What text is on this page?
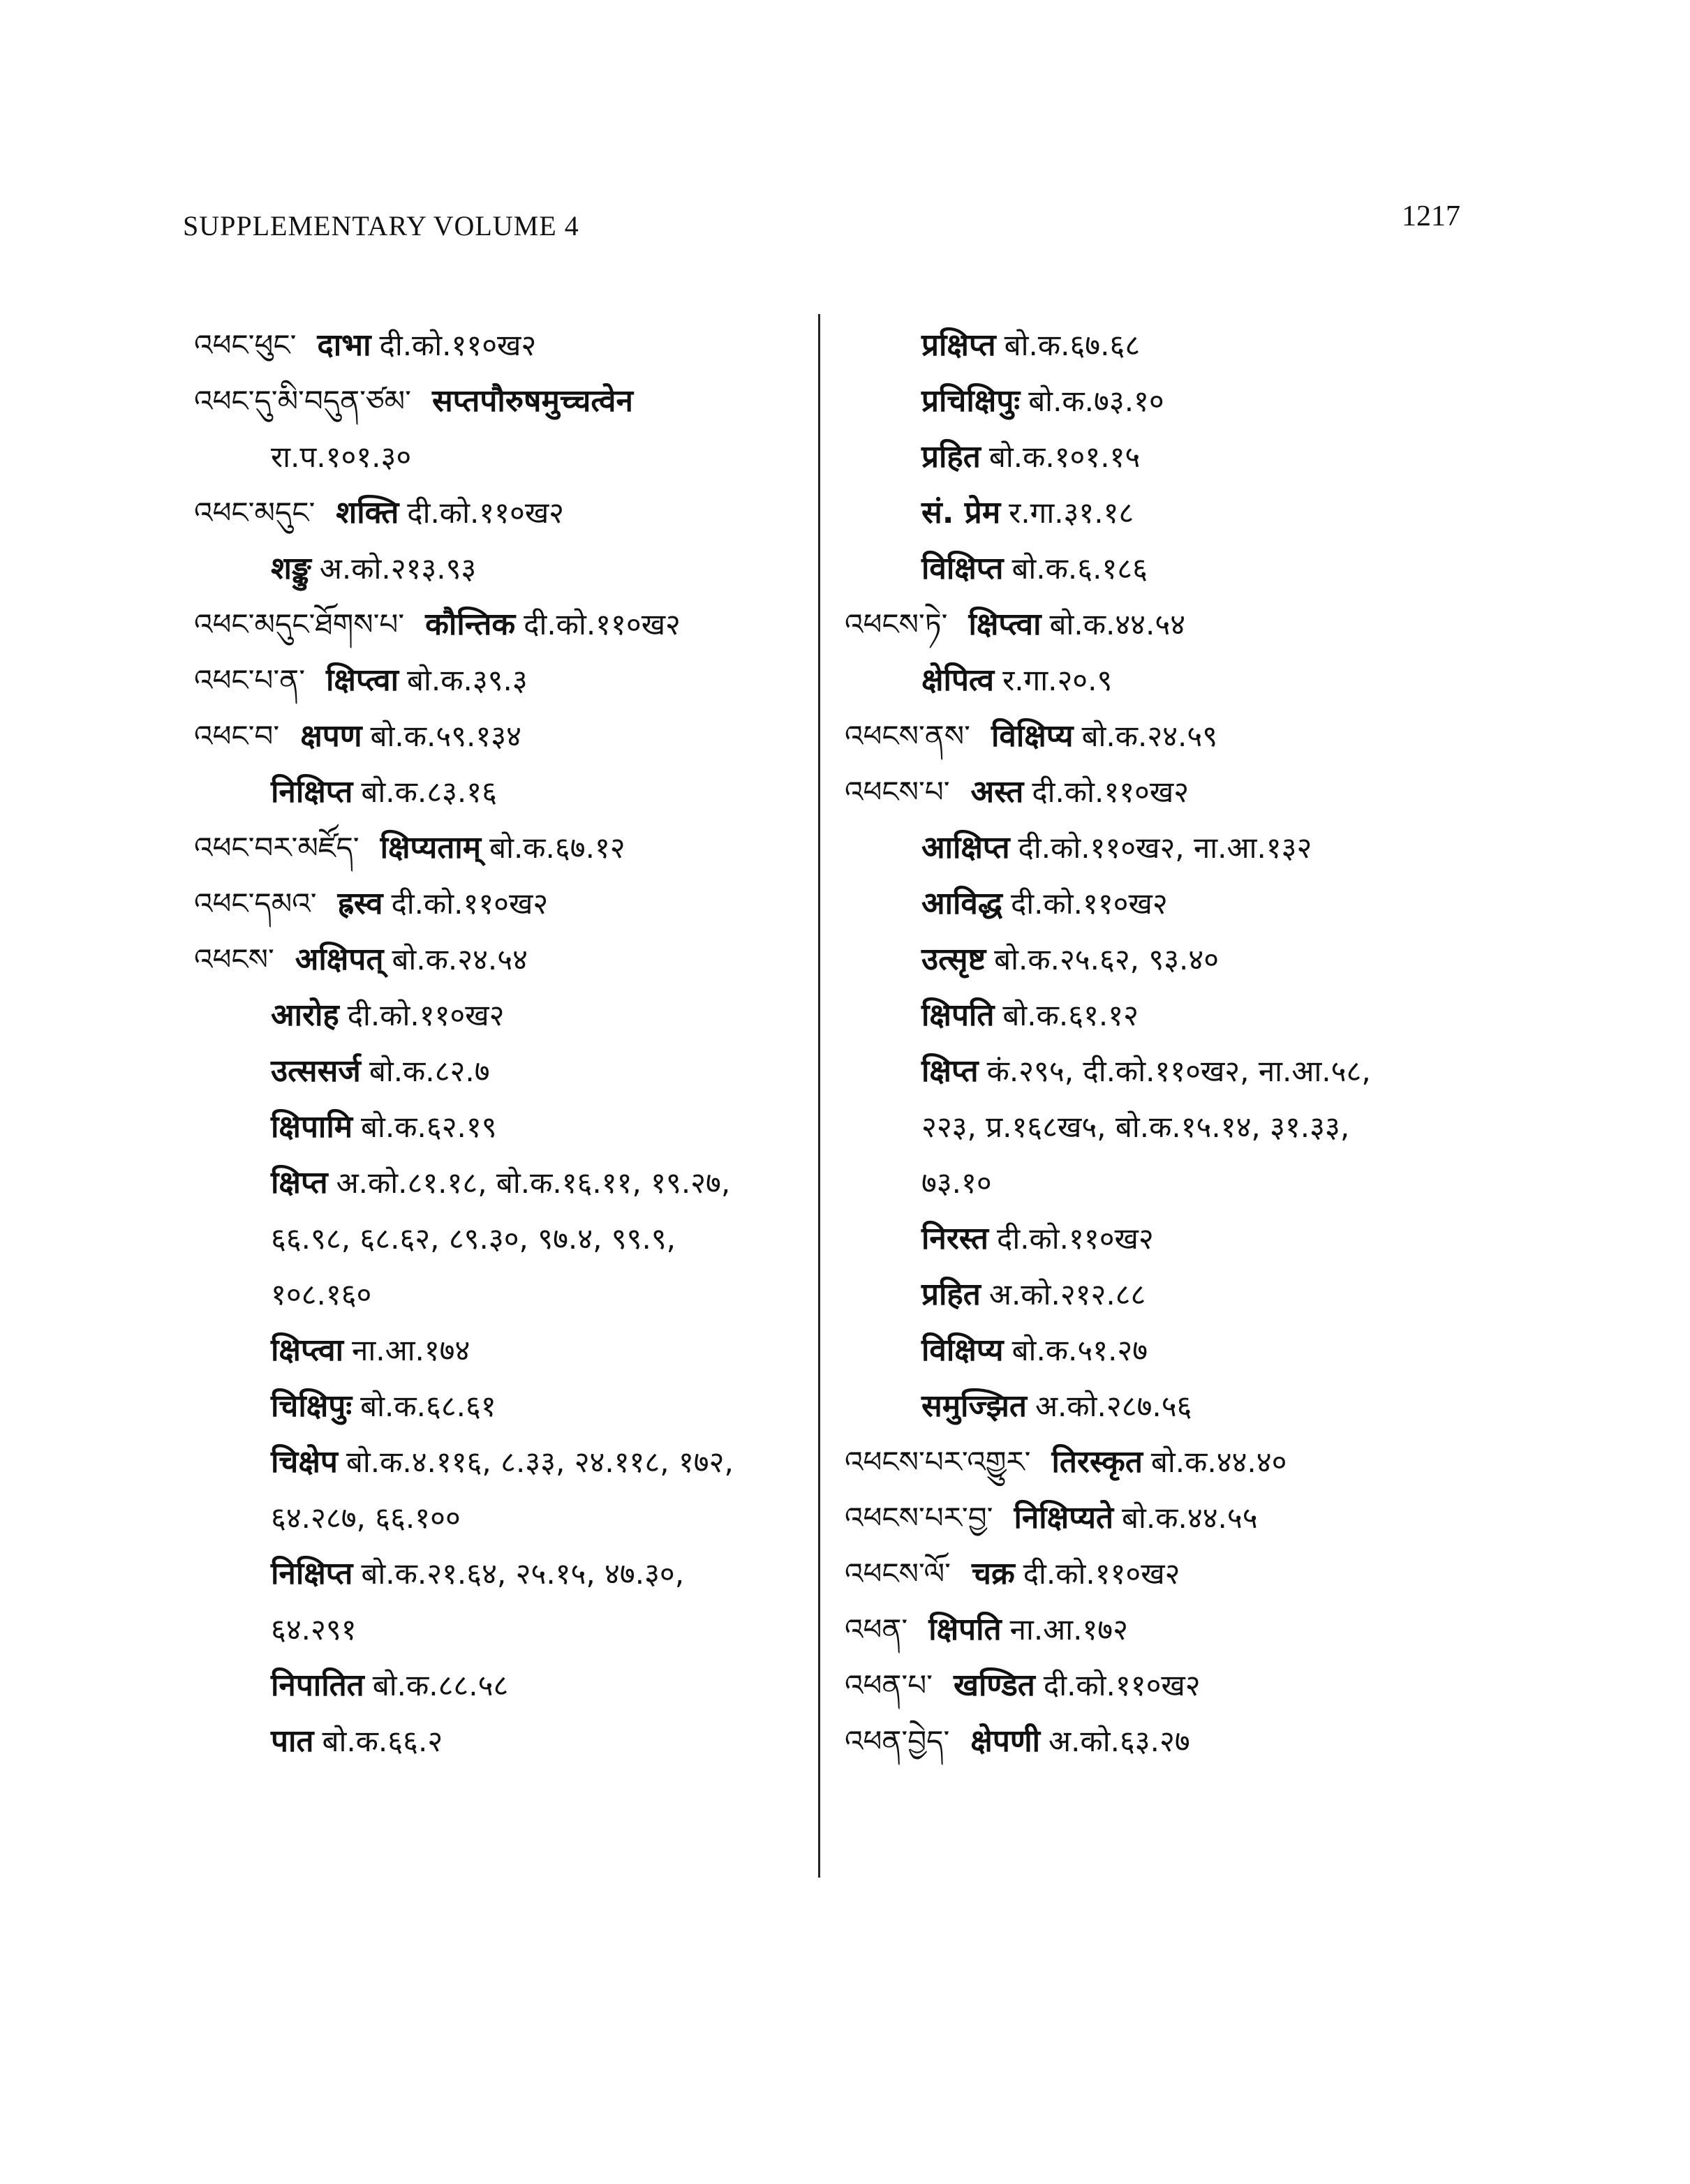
SUPPLEMENTARY VOLUME 4	1217
འཕང་ཕུང་ दाभा दी.को.११०ख२
འཕང་དུ་མི་བདུན་ཙམ་ सप्तपौरुषमुच्चत्वेन
रा.प.१०१.३०
འཕང་མདུང་ शक्ति दी.को.११०ख२
शङ्कु अ.को.२१३.९३
འཕང་མདུང་ཐོགས་པ་ कौन्तिक दी.को.११०ख२
འཕང་པ་ན་ क्षिप्त्वा बो.क.३९.३
འཕང་བ་ क्षपण बो.क.५९.१३४
निक्षिप्त बो.क.८३.१६
འཕང་བར་མཛོད་ क्षिप्यताम् बो.क.६७.१२
འཕང་དམའ་ ह्रस्व दी.को.११०ख२
འཕངས་ अक्षिपत् बो.क.२४.५४
आरोह दी.को.११०ख२
उत्ससर्ज बो.क.८२.७
क्षिपामि बो.क.६२.१९
क्षिप्त अ.को.८१.१८, बो.क.१६.११, १९.२७,
६६.९८, ६८.६२, ८९.३०, ९७.४, ९९.९,
१०८.१६०
क्षिप्त्वा ना.आ.१७४
चिक्षिपुः बो.क.६८.६१
चिक्षेप बो.क.४.११६, ८.३३, २४.११८, १७२,
६४.२८७, ६६.१००
निक्षिप्त बो.क.२१.६४, २५.१५, ४७.३०,
६४.२९१
निपातित बो.क.८८.५८
पात बो.क.६६.२
प्रक्षिप्त बो.क.६७.६८
प्रचिक्षिपुः बो.क.७३.१०
प्रहित बो.क.१०१.१५
सं. प्रेम र.गा.३१.१८
विक्षिप्त बो.क.६.१८६
འཕངས་ཏེ་ क्षिप्त्वा बो.क.४४.५४
क्षेपित्व र.गा.२०.९
འཕངས་ནས་ विक्षिप्य बो.क.२४.५९
འཕངས་པ་ अस्त दी.को.११०ख२
आक्षिप्त दी.को.११०ख२, ना.आ.१३२
आविद्ध दी.को.११०ख२
उत्सृष्ट बो.क.२५.६२, ९३.४०
क्षिपति बो.क.६१.१२
क्षिप्त कं.२९५, दी.को.११०ख२, ना.आ.५८,
२२३, प्र.१६८ख५, बो.क.१५.१४, ३१.३३,
७३.१०
निरस्त दी.को.११०ख२
प्रहित अ.को.२१२.८८
विक्षिप्य बो.क.५१.२७
समुज्झित अ.को.२८७.५६
འཕངས་པར་འགྱུར་ तिरस्कृत बो.क.४४.४०
འཕངས་པར་བྱ་ निक्षिप्यते बो.क.४४.५५
འཕངས་ལོ་ चक्र दी.को.११०ख२
འཕན་ क्षिपति ना.आ.१७२
འཕན་པ་ खण्डित दी.को.११०ख२
འཕན་བྱེད་ क्षेपणी अ.को.६३.२७
